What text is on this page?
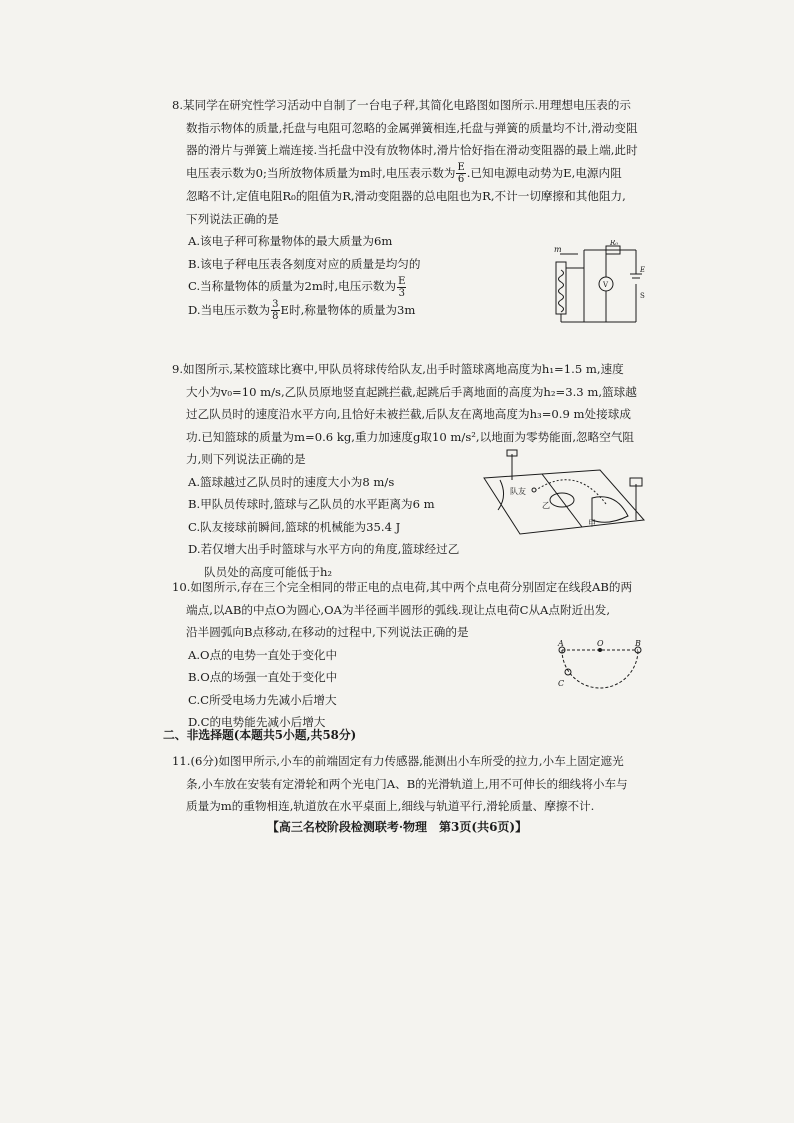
8.某同学在研究性学习活动中自制了一台电子秤,其简化电路图如图所示.用理想电压表的示

数指示物体的质量,托盘与电阻可忽略的金属弹簧相连,托盘与弹簧的质量均不计,滑动变阻

器的滑片与弹簧上端连接.当托盘中没有放物体时,滑片恰好指在滑动变阻器的最上端,此时

电压表示数为0;当所放物体质量为m时,电压表示数为 $\frac{E}{6}$ .已知电源电动势为E,电源内阻

忽略不计,定值电阻R₀的阻值为R,滑动变阻器的总电阻也为R,不计一切摩擦和其他阻力,

下列说法正确的是

A.该电子秤可称量物体的最大质量为6m

B.该电子秤电压表各刻度对应的质量是均匀的

C.当称量物体的质量为2m时,电压示数为 $\frac{E}{3}$

D.当电压示数为 $\frac{3}{8}$ E时,称量物体的质量为3m

m
R₀
V
E
S

9.如图所示,某校篮球比赛中,甲队员将球传给队友,出手时篮球离地高度为h₁=1.5 m,速度

大小为v₀=10 m/s,乙队员原地竖直起跳拦截,起跳后手离地面的高度为h₂=3.3 m,篮球越

过乙队员时的速度沿水平方向,且恰好未被拦截,后队友在离地高度为h₃=0.9 m处接球成

功.已知篮球的质量为m=0.6 kg,重力加速度g取10 m/s²,以地面为零势能面,忽略空气阻

力,则下列说法正确的是

A.篮球越过乙队员时的速度大小为8 m/s

B.甲队员传球时,篮球与乙队员的水平距离为6 m

C.队友接球前瞬间,篮球的机械能为35.4 J

D.若仅增大出手时篮球与水平方向的角度,篮球经过乙

队员处的高度可能低于h₂

队友
乙
甲

10.如图所示,存在三个完全相同的带正电的点电荷,其中两个点电荷分别固定在线段AB的两

端点,以AB的中点O为圆心,OA为半径画半圆形的弧线.现让点电荷C从A点附近出发,

沿半圆弧向B点移动,在移动的过程中,下列说法正确的是

A.O点的电势一直处于变化中

B.O点的场强一直处于变化中

C.C所受电场力先减小后增大

D.C的电势能先减小后增大

A	O	B
C
二、非选择题(本题共5小题,共58分)

11.(6分)如图甲所示,小车的前端固定有力传感器,能测出小车所受的拉力,小车上固定遮光

条,小车放在安装有定滑轮和两个光电门A、B的光滑轨道上,用不可伸长的细线将小车与

质量为m的重物相连,轨道放在水平桌面上,细线与轨道平行,滑轮质量、摩擦不计.

【高三名校阶段检测联考·物理　第3页(共6页)】
